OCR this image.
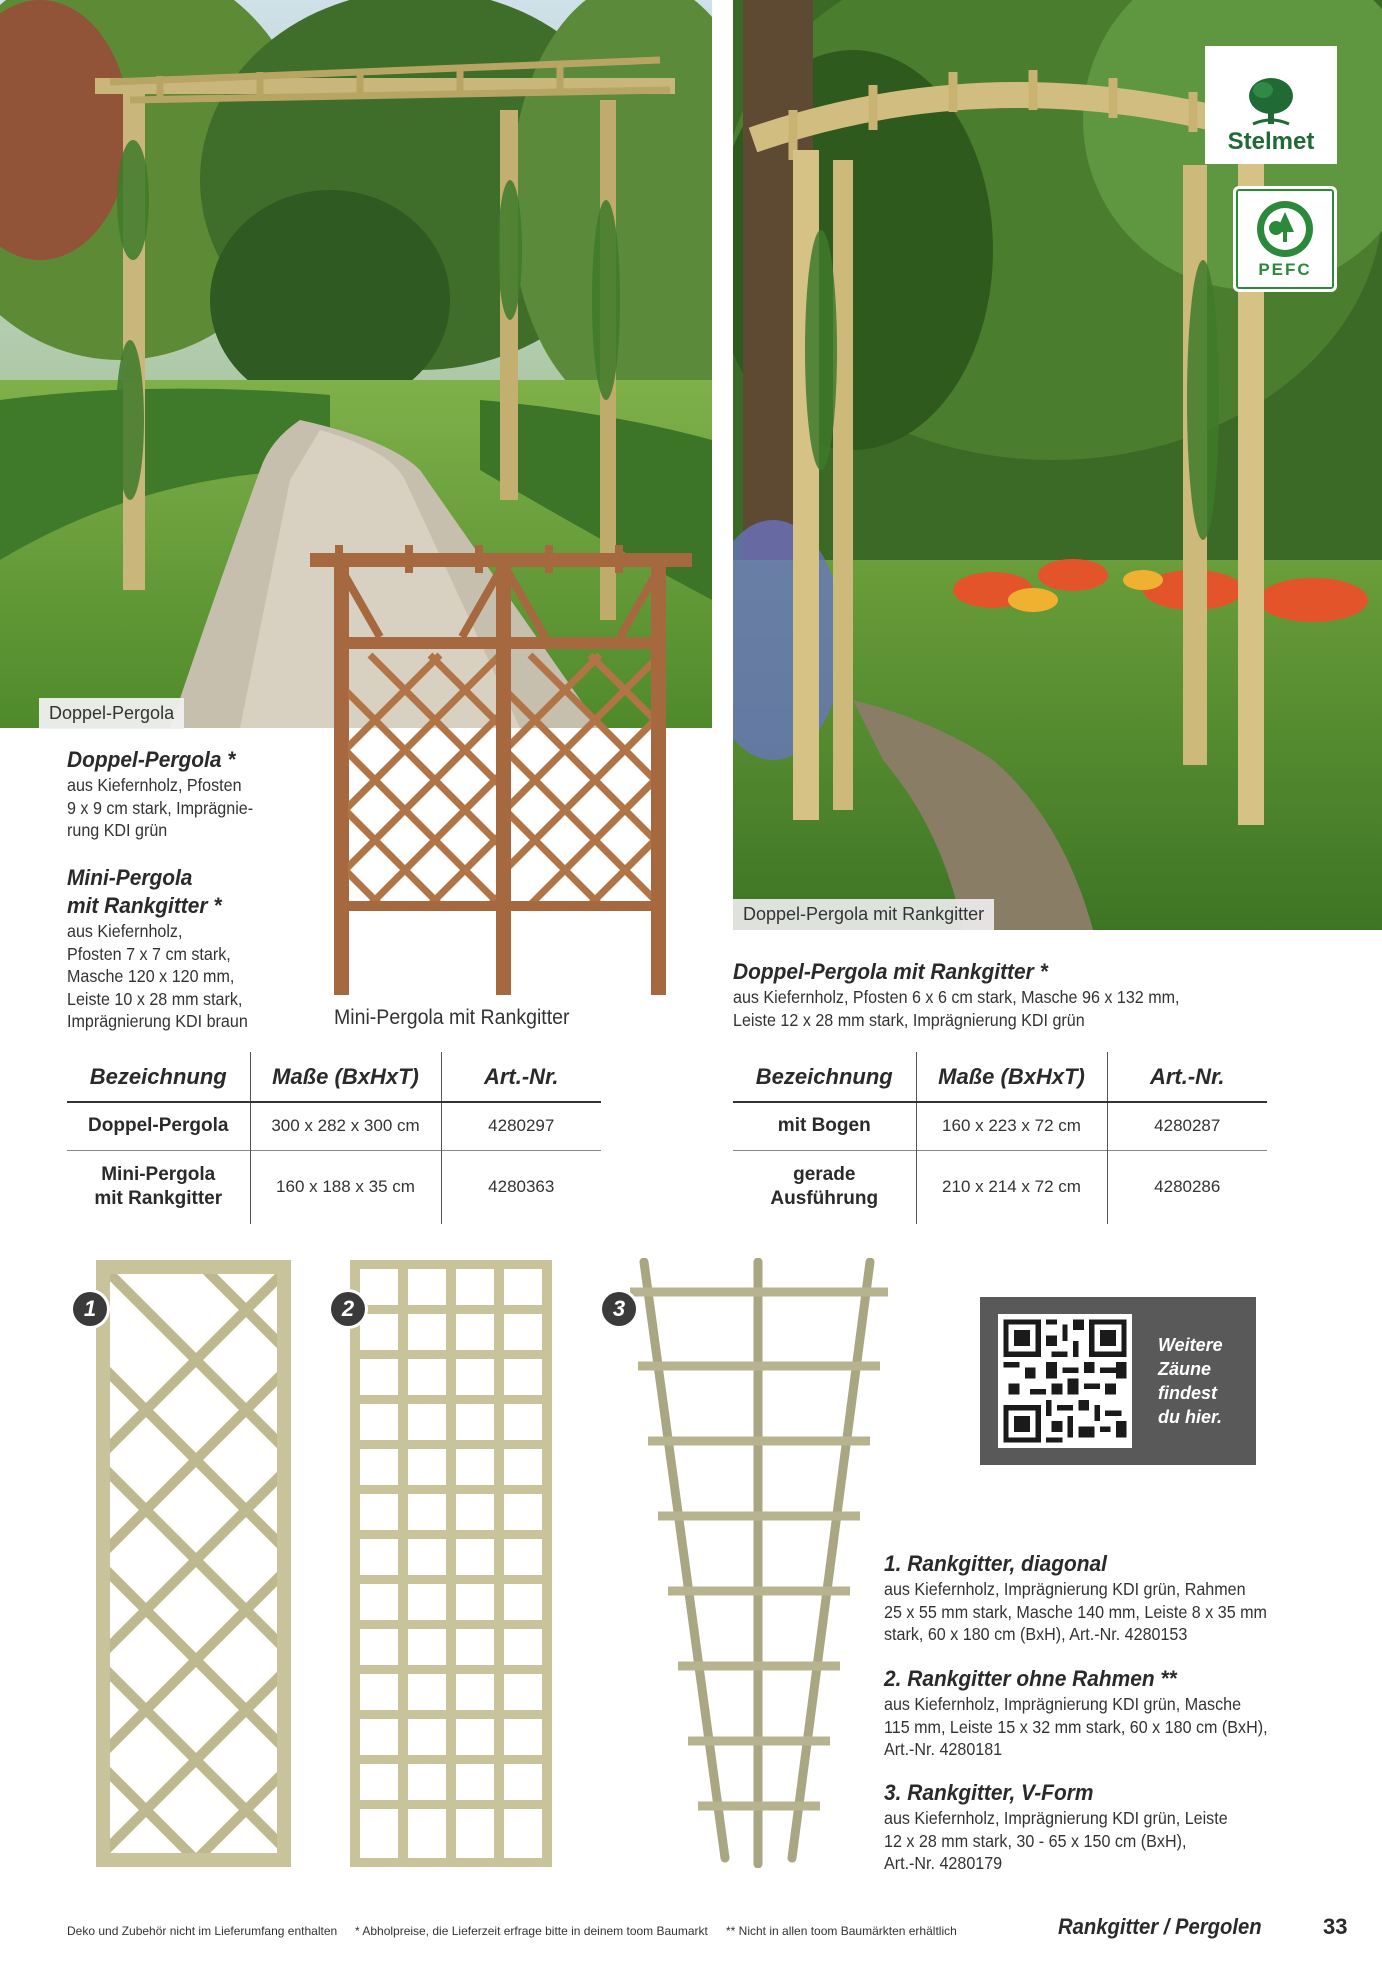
Doppel-Pergola
Mini-Pergola mit Rankgitter
Doppel-Pergola mit Rankgitter
Stelmet
PEFC
Doppel-Pergola *
aus Kiefernholz, Pfosten
9 x 9 cm stark, Imprägnie-
rung KDI grün
Mini-Pergola
mit Rankgitter *
aus Kiefernholz,
Pfosten 7 x 7 cm stark,
Masche 120 x 120 mm,
Leiste 10 x 28 mm stark,
Imprägnierung KDI braun
Doppel-Pergola mit Rankgitter *
aus Kiefernholz, Pfosten 6 x 6 cm stark, Masche 96 x 132 mm,
Leiste 12 x 28 mm stark, Imprägnierung KDI grün
Bezeichnung	Maße (BxHxT)	Art.-Nr.
Doppel-Pergola	300 x 282 x 300 cm	4280297
Mini-Pergola
mit Rankgitter	160 x 188 x 35 cm	4280363
Bezeichnung	Maße (BxHxT)	Art.-Nr.
mit Bogen	160 x 223 x 72 cm	4280287
gerade
Ausführung	210 x 214 x 72 cm	4280286
1	2	3
Weitere
Zäune
findest
du hier.
1. Rankgitter, diagonal
aus Kiefernholz, Imprägnierung KDI grün, Rahmen
25 x 55 mm stark, Masche 140 mm, Leiste 8 x 35 mm
stark, 60 x 180 cm (BxH), Art.-Nr. 4280153
2. Rankgitter ohne Rahmen **
aus Kiefernholz, Imprägnierung KDI grün, Masche
115 mm, Leiste 15 x 32 mm stark, 60 x 180 cm (BxH),
Art.-Nr. 4280181
3. Rankgitter, V-Form
aus Kiefernholz, Imprägnierung KDI grün, Leiste
12 x 28 mm stark, 30 - 65 x 150 cm (BxH),
Art.-Nr. 4280179
Deko und Zubehör nicht im Lieferumfang enthalten * Abholpreise, die Lieferzeit erfrage bitte in deinem toom Baumarkt ** Nicht in allen toom Baumärkten erhältlich	Rankgitter / Pergolen	33
